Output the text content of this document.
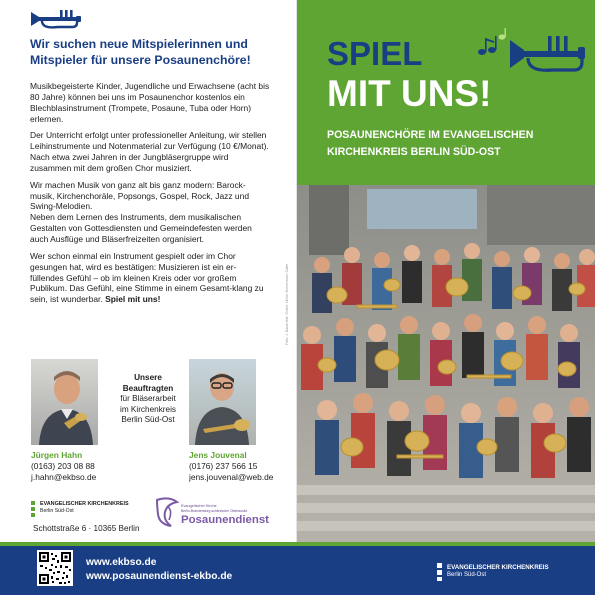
Wir suchen neue Mitspielerinnen und Mitspieler für unsere Posaunenchöre!

Musikbegeisterte Kinder, Jugendliche und Erwachsene (acht bis 80 Jahre) können bei uns im Posaunenchor kostenlos ein Blechblasinstrument (Trompete, Posaune, Tuba oder Horn) erlernen.

Der Unterricht erfolgt unter professioneller Anleitung, wir stellen Leihinstrumente und Notenmaterial zur Verfügung (10 €/Monat). Nach etwa zwei Jahren in der Jungbläsergruppe wird zusammen mit dem großen Chor musiziert.

Wir machen Musik von ganz alt bis ganz modern: Barock-musik, Kirchenchoräle, Popsongs, Gospel, Rock, Jazz und Swing-Melodien.

Neben dem Lernen des Instruments, dem musikalischen Gestalten von Gottesdiensten und Gemeindefesten werden auch Ausflüge und Bläserfreizeiten organisiert.

Wer schon einmal ein Instrument gespielt oder im Chor gesungen hat, wird es bestätigen: Musizieren ist ein er-füllendes Gefühl – ob im kleinen Kreis oder vor großem Publikum. Das Gefühl, eine Stimme in einem Gesamt-klang zu sein, ist wunderbar. Spiel mit uns!

Unsere
Beauftragten
für Bläserarbeit
im Kirchenkreis
Berlin Süd-Ost
Jürgen Hahn
(0163) 203 08 88
j.hahn@ekbso.de
Jens Jouvenal
(0176) 237 566 15
jens.jouvenal@web.de
EVANGELISCHER KIRCHENKREIS
Berlin Süd-Ost
Schottstraße 6 · 10365 Berlin
Evangelischer Kirche
Berlin-Brandenburg-schlesische Oberlausitz
Posaunendienst
SPIEL
MIT UNS!
POSAUNENCHÖRE IM EVANGELISCHEN
KIRCHENKREIS BERLIN SÜD-OST
Foto: J. Bauerfeld, Grafik: Ulrike Sicherneuer-Catte
www.ekbso.de
www.posaunendienst-ekbo.de
EVANGELISCHER KIRCHENKREIS
Berlin Süd-Ost
